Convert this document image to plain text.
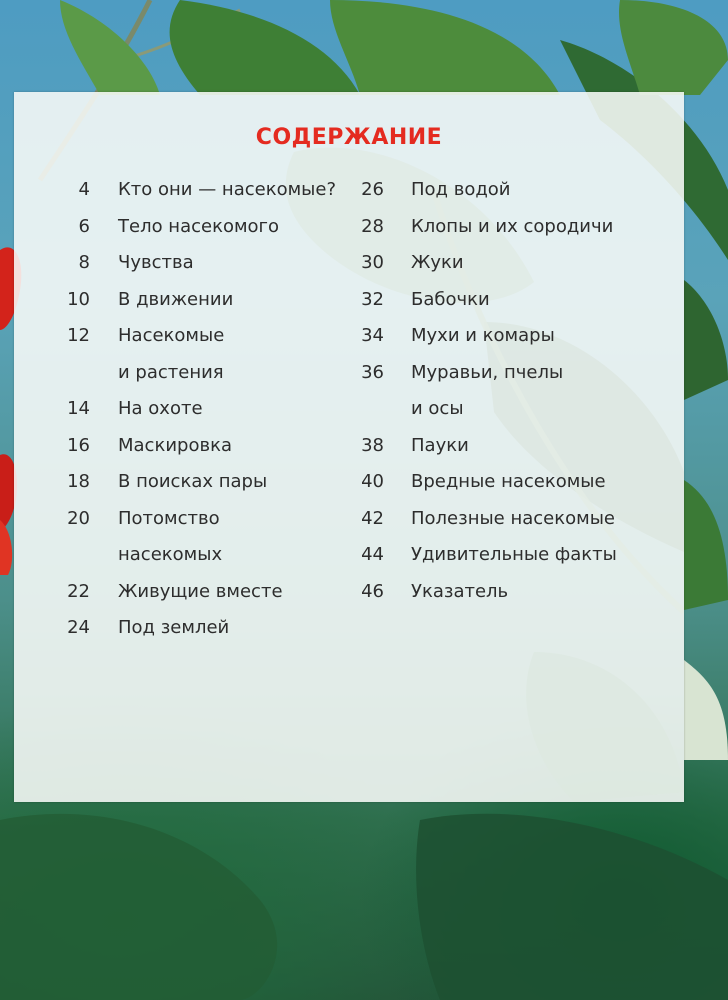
СОДЕРЖАНИЕ
4 Кто они — насекомые?
6 Тело насекомого
8 Чувства
10 В движении
12 Насекомые
и растения
14 На охоте
16 Маскировка
18 В поисках пары
20 Потомство
насекомых
22 Живущие вместе
24 Под землей
26 Под водой
28 Клопы и их сородичи
30 Жуки
32 Бабочки
34 Мухи и комары
36 Муравьи, пчелы
и осы
38 Пауки
40 Вредные насекомые
42 Полезные насекомые
44 Удивительные факты
46 Указатель
